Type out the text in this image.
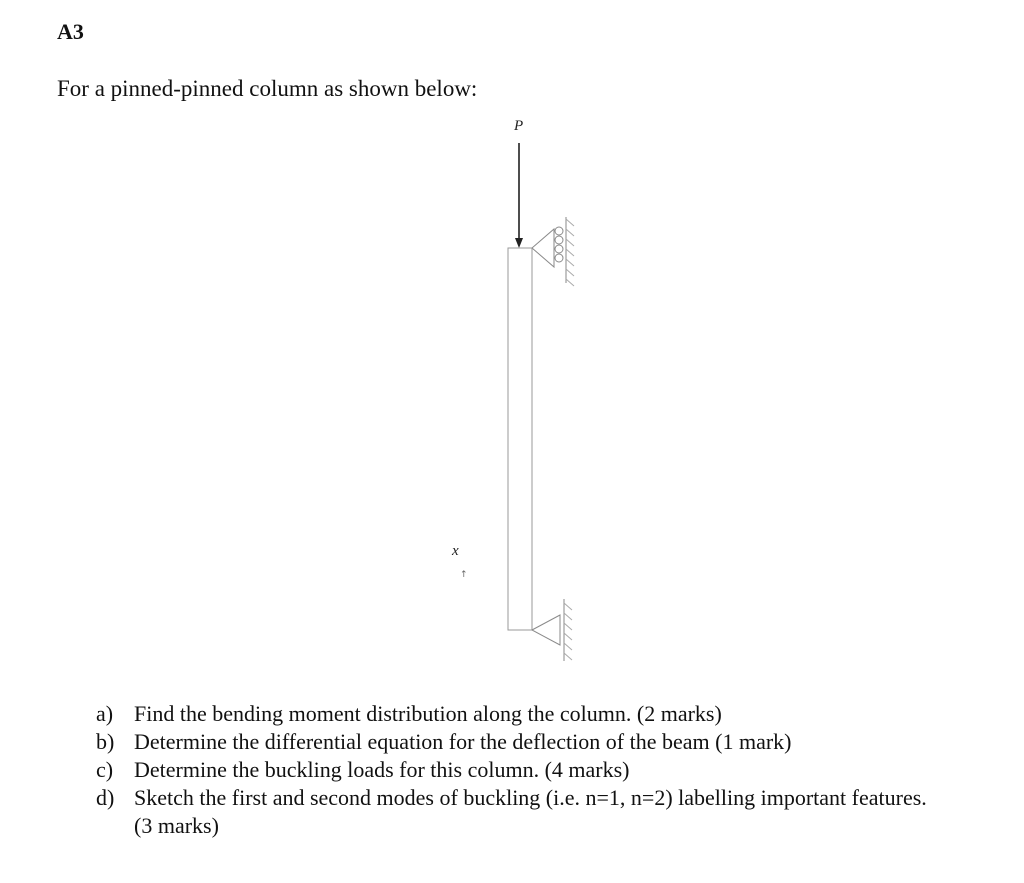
A3
For a pinned-pinned column as shown below:
P
x
↑
a) Find the bending moment distribution along the column. (2 marks)
b) Determine the differential equation for the deflection of the beam (1 mark)
c) Determine the buckling loads for this column. (4 marks)
d) Sketch the first and second modes of buckling (i.e. n=1, n=2) labelling important features. (3 marks)
